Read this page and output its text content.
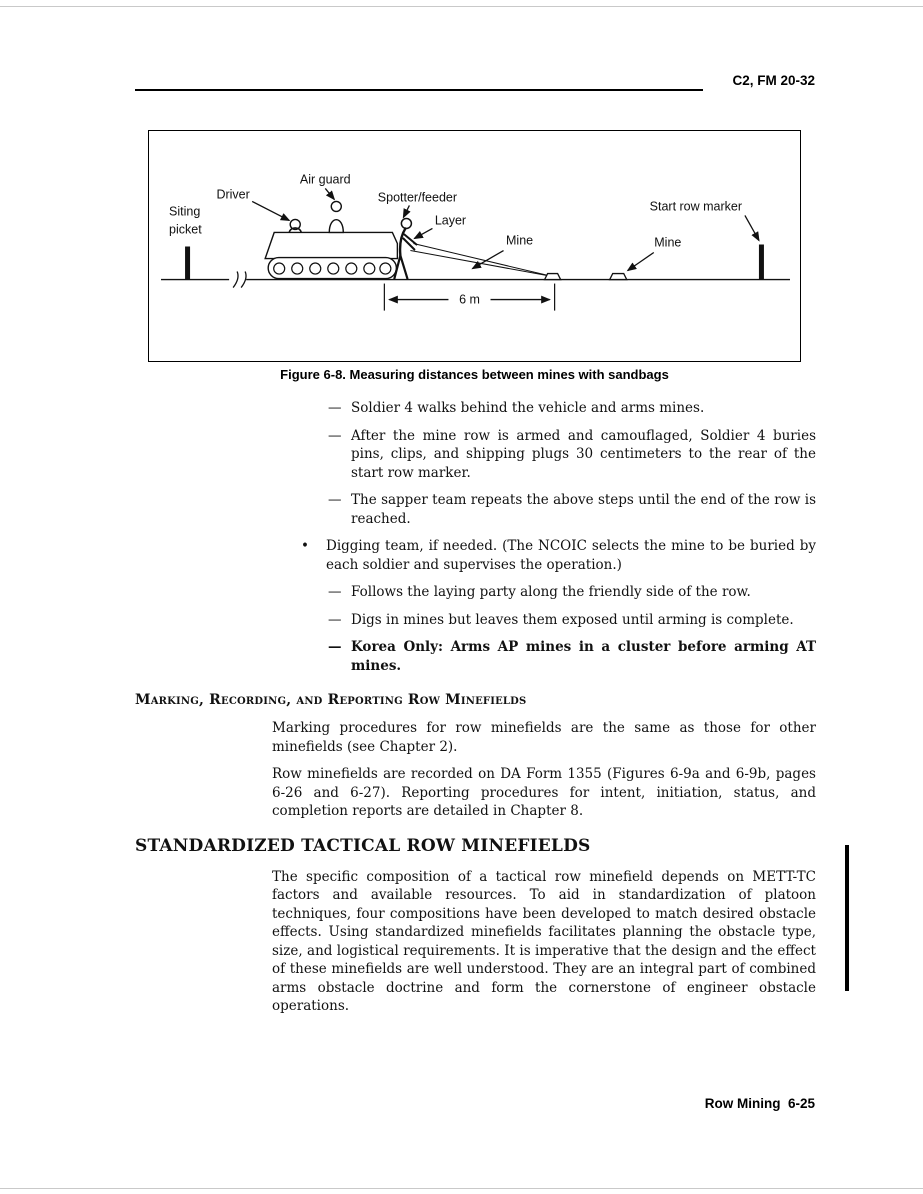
C2, FM 20-32
Siting
picket
6 m
Driver
Air guard
Spotter/feeder
Layer
Mine	Mine
Start row marker
Figure 6-8. Measuring distances between mines with sandbags
— Soldier 4 walks behind the vehicle and arms mines.
— After the mine row is armed and camouflaged, Soldier 4 buries pins, clips, and shipping plugs 30 centimeters to the rear of the start row marker.
— The sapper team repeats the above steps until the end of the row is reached.
•	Digging team, if needed. (The NCOIC selects the mine to be buried by each soldier and supervises the operation.)
— Follows the laying party along the friendly side of the row.
— Digs in mines but leaves them exposed until arming is complete.
— Korea Only: Arms AP mines in a cluster before arming AT mines.
Marking, Recording, and Reporting Row Minefields

Marking procedures for row minefields are the same as those for other minefields (see Chapter 2).

Row minefields are recorded on DA Form 1355 (Figures 6-9a and 6-9b, pages 6-26 and 6-27). Reporting procedures for intent, initiation, status, and completion reports are detailed in Chapter 8.

STANDARDIZED TACTICAL ROW MINEFIELDS

The specific composition of a tactical row minefield depends on METT-TC factors and available resources. To aid in standardization of platoon techniques, four compositions have been developed to match desired obstacle effects. Using standardized minefields facilitates planning the obstacle type, size, and logistical requirements. It is imperative that the design and the effect of these minefields are well understood. They are an integral part of combined arms obstacle doctrine and form the cornerstone of engineer obstacle operations.

Row Mining  6-25
